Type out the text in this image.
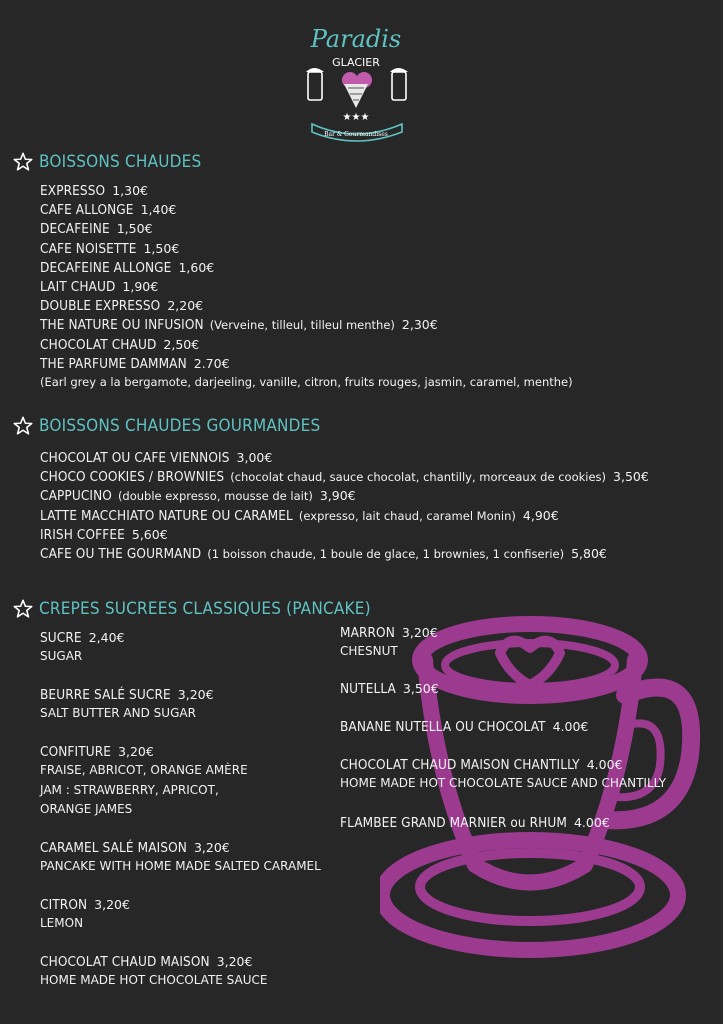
Paradis
GLACIER
★★★
Bar & Gourmandises
BOISSONS CHAUDES
EXPRESSO 1,30€
CAFE ALLONGE 1,40€
DECAFEINE 1,50€
CAFE NOISETTE 1,50€
DECAFEINE ALLONGE 1,60€
LAIT CHAUD 1,90€
DOUBLE EXPRESSO 2,20€
THE NATURE OU INFUSION (Verveine, tilleul, tilleul menthe) 2,30€
CHOCOLAT CHAUD 2,50€
THE PARFUME DAMMAN 2.70€
(Earl grey a la bergamote, darjeeling, vanille, citron, fruits rouges, jasmin, caramel, menthe)
BOISSONS CHAUDES GOURMANDES
CHOCOLAT OU CAFE VIENNOIS 3,00€
CHOCO COOKIES / BROWNIES (chocolat chaud, sauce chocolat, chantilly, morceaux de cookies) 3,50€
CAPPUCINO (double expresso, mousse de lait) 3,90€
LATTE MACCHIATO NATURE OU CARAMEL (expresso, lait chaud, caramel Monin) 4,90€
IRISH COFFEE 5,60€
CAFE OU THE GOURMAND (1 boisson chaude, 1 boule de glace, 1 brownies, 1 confiserie) 5,80€
CREPES SUCREES CLASSIQUES (PANCAKE)
SUCRE 2,40€
SUGAR
BEURRE SALÉ SUCRE 3,20€
SALT BUTTER AND SUGAR
CONFITURE 3,20€
FRAISE, ABRICOT, ORANGE AMÈRE
JAM : STRAWBERRY, APRICOT,
ORANGE JAMES
CARAMEL SALÉ MAISON 3,20€
PANCAKE WITH HOME MADE SALTED CARAMEL
CITRON 3,20€
LEMON
CHOCOLAT CHAUD MAISON 3,20€
HOME MADE HOT CHOCOLATE SAUCE
MARRON 3,20€
CHESNUT
NUTELLA 3,50€
BANANE NUTELLA OU CHOCOLAT 4.00€
CHOCOLAT CHAUD MAISON CHANTILLY 4.00€
HOME MADE HOT CHOCOLATE SAUCE AND CHANTILLY
FLAMBEE GRAND MARNIER ou RHUM 4.00€
